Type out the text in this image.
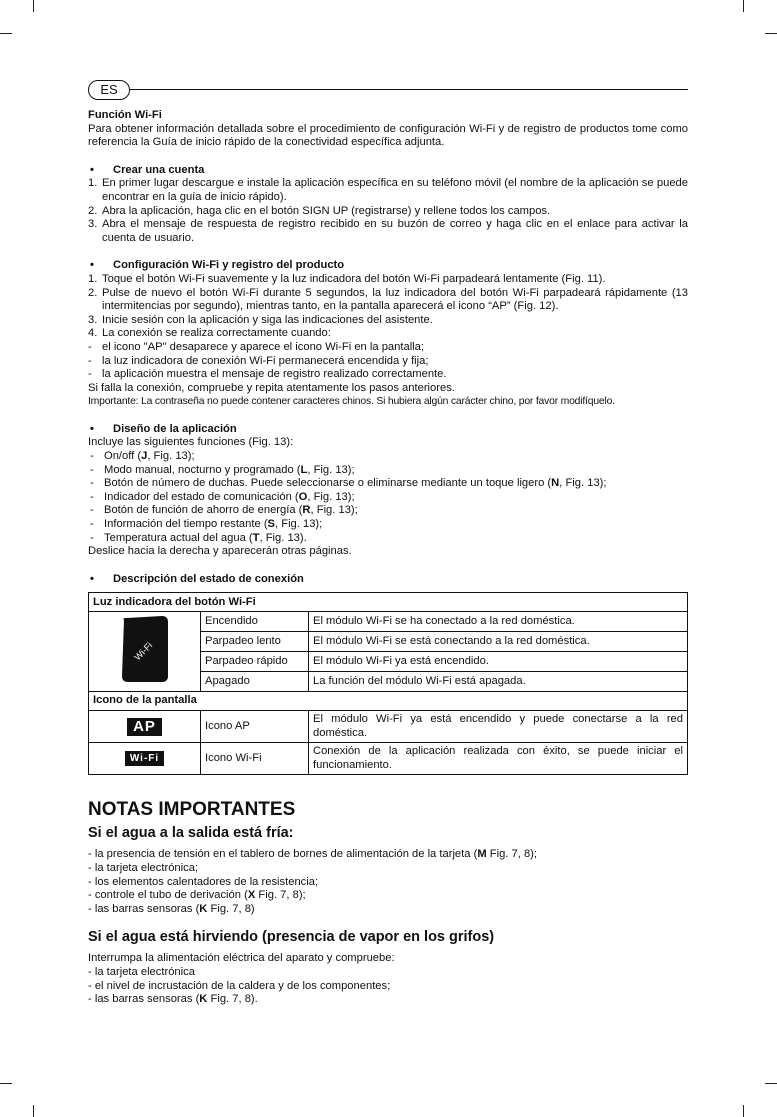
ES

Función Wi-Fi

Para obtener información detallada sobre el procedimiento de configuración Wi-Fi y de registro de productos tome como referencia la Guía de inicio rápido de la conectividad específica adjunta.

•	Crear una cuenta
1. En primer lugar descargue e instale la aplicación específica en su teléfono móvil (el nombre de la aplicación se puede encontrar en la guía de inicio rápido).
2. Abra la aplicación, haga clic en el botón SIGN UP (registrarse) y rellene todos los campos.
3. Abra el mensaje de respuesta de registro recibido en su buzón de correo y haga clic en el enlace para activar la cuenta de usuario.
•	Configuración Wi-Fi y registro del producto
1. Toque el botón Wi-Fi suavemente y la luz indicadora del botón Wi-Fi parpadeará lentamente (Fig. 11).
2. Pulse de nuevo el botón Wi-Fi durante 5 segundos, la luz indicadora del botón Wi-Fi parpadeará rápidamente (13 intermitencias por segundo), mientras tanto, en la pantalla aparecerá el icono “AP” (Fig. 12).
3. Inicie sesión con la aplicación y siga las indicaciones del asistente.
4. La conexión se realiza correctamente cuando:
- el icono "AP" desaparece y aparece el icono Wi-Fi en la pantalla;
- la luz indicadora de conexión Wi-Fi permanecerá encendida y fija;
- la aplicación muestra el mensaje de registro realizado correctamente.

Si falla la conexión, compruebe y repita atentamente los pasos anteriores.

Importante: La contraseña no puede contener caracteres chinos. Si hubiera algún carácter chino, por favor modifíquelo.

•	Diseño de la aplicación

Incluye las siguientes funciones (Fig. 13):

- On/off (J, Fig. 13);
- Modo manual, nocturno y programado (L, Fig. 13);
- Botón de número de duchas. Puede seleccionarse o eliminarse mediante un toque ligero (N, Fig. 13);
- Indicador del estado de comunicación (O, Fig. 13);
- Botón de función de ahorro de energía (R, Fig. 13);
- Información del tiempo restante (S, Fig. 13);
- Temperatura actual del agua (T, Fig. 13).

Deslice hacia la derecha y aparecerán otras páginas.

•	Descripción del estado de conexión
Luz indicadora del botón Wi-Fi		

Wi-Fi	Encendido	El módulo Wi-Fi se ha conectado a la red doméstica.
	Parpadeo lento	El módulo Wi-Fi se está conectando a la red doméstica.
	Parpadeo rápido	El módulo Wi-Fi ya está encendido.
	Apagado	La función del módulo Wi-Fi está apagada.
Icono de la pantalla		
AP	Icono AP	El módulo Wi-Fi ya está encendido y puede conectarse a la red doméstica.
Wi-Fi	Icono Wi-Fi	Conexión de la aplicación realizada con éxito, se puede iniciar el funcionamiento.
NOTAS IMPORTANTES
Si el agua a la salida está fría:
- la presencia de tensión en el tablero de bornes de alimentación de la tarjeta (M Fig. 7, 8);
- la tarjeta electrónica;
- los elementos calentadores de la resistencia;
- controle el tubo de derivación (X Fig. 7, 8);
- las barras sensoras (K Fig. 7, 8)
Si el agua está hirviendo (presencia de vapor en los grifos)
Interrumpa la alimentación eléctrica del aparato y compruebe:
- la tarjeta electrónica
- el nivel de incrustación de la caldera y de los componentes;
- las barras sensoras (K Fig. 7, 8).
